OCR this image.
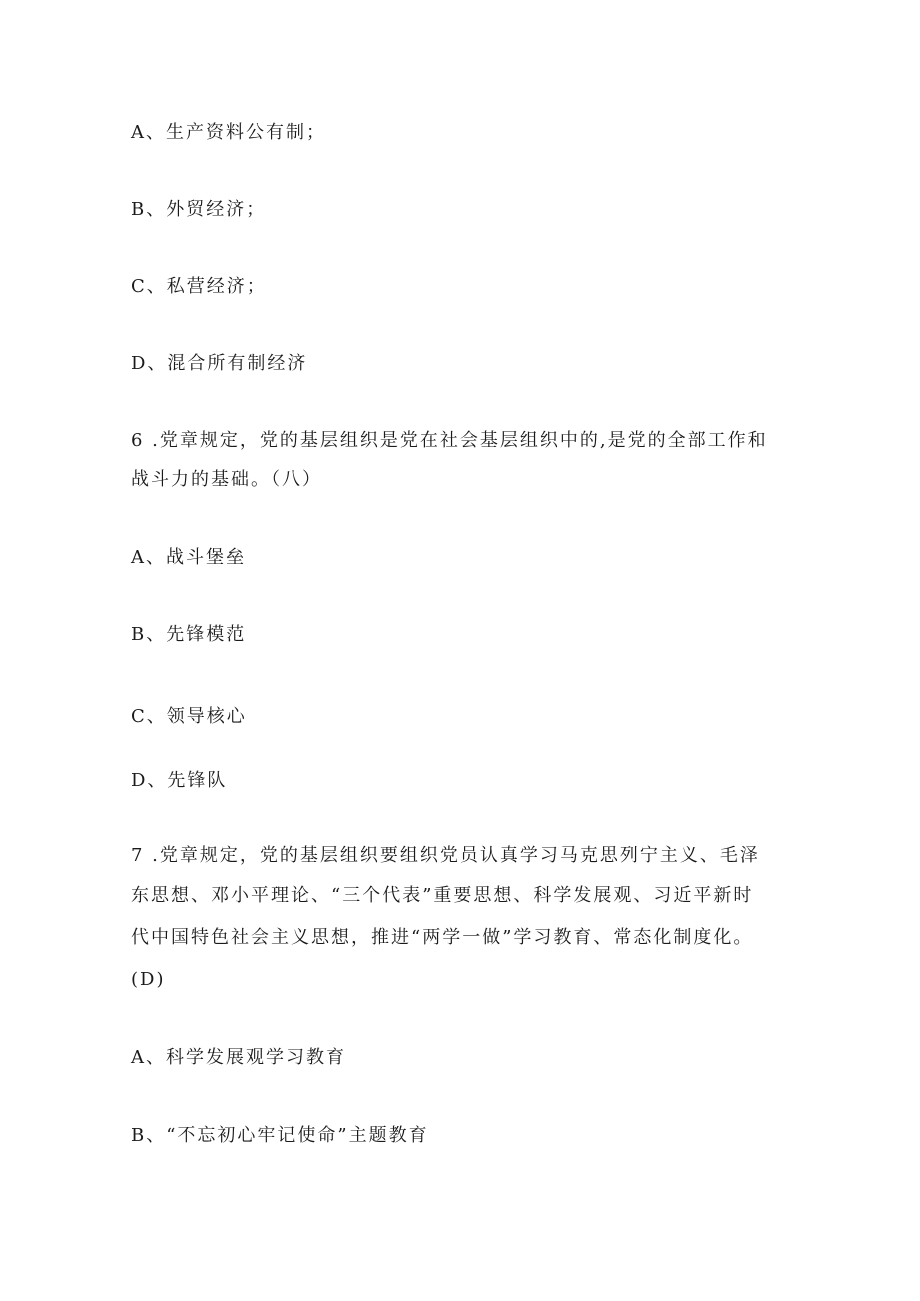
A、生产资料公有制；
B、外贸经济；
C、私营经济；
D、混合所有制经济
6 .党章规定，党的基层组织是党在社会基层组织中的,是党的全部工作和
战斗力的基础。（八）
A、战斗堡垒
B、先锋模范
C、领导核心
D、先锋队
7 .党章规定，党的基层组织要组织党员认真学习马克思列宁主义、毛泽
东思想、邓小平理论、“三个代表”重要思想、科学发展观、习近平新时
代中国特色社会主义思想，推进“两学一做”学习教育、常态化制度化。
(D)
A、科学发展观学习教育
B、“不忘初心牢记使命”主题教育
